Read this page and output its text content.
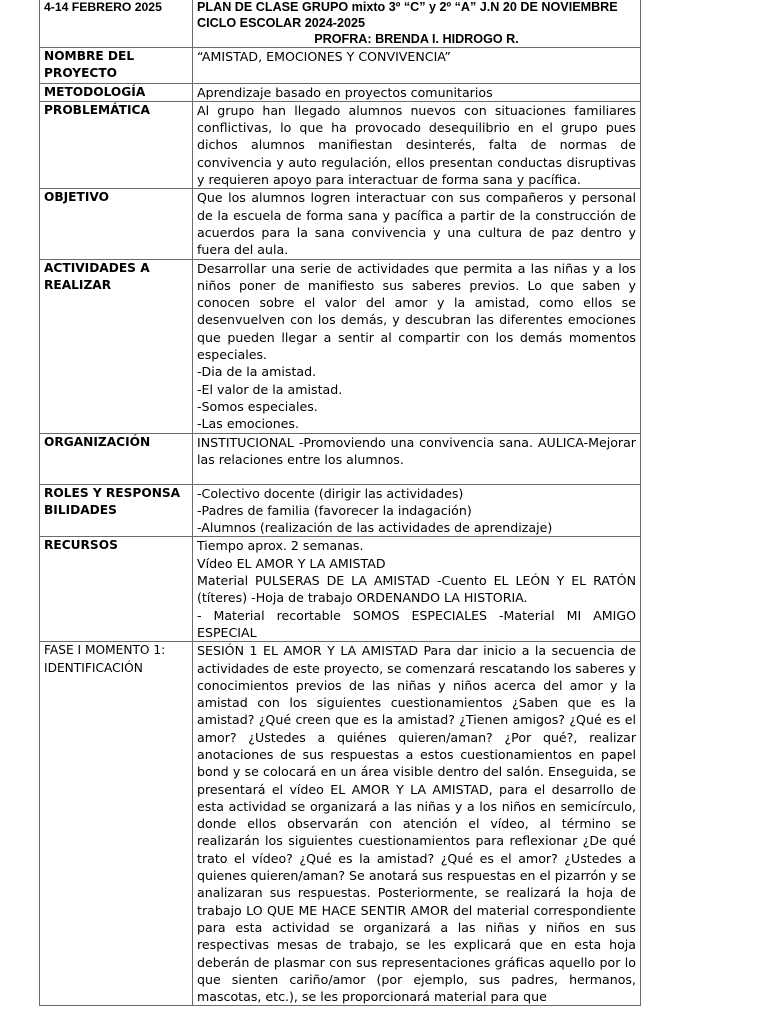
4-14 FEBRERO 2025	PLAN DE CLASE GRUPO mixto 3º “C” y 2º “A” J.N 20 DE NOVIEMBRE
CICLO ESCOLAR 2024-2025
PROFRA: BRENDA I. HIDROGO R.

NOMBRE DEL PROYECTO	“AMISTAD, EMOCIONES Y CONVIVENCIA”
METODOLOGÍA	Aprendizaje basado en proyectos comunitarios
PROBLEMÁTICA	Al grupo han llegado alumnos nuevos con situaciones familiares conflictivas, lo que ha provocado desequilibrio en el grupo pues dichos alumnos manifiestan desinterés, falta de normas de convivencia y auto regulación, ellos presentan conductas disruptivas y requieren apoyo para interactuar de forma sana y pacífica.
OBJETIVO	Que los alumnos logren interactuar con sus compañeros y personal de la escuela de forma sana y pacífica a partir de la construcción de acuerdos para la sana convivencia y una cultura de paz dentro y fuera del aula.
ACTIVIDADES A REALIZAR	Desarrollar una serie de actividades que permita a las niñas y a los niños poner de manifiesto sus saberes previos. Lo que saben y conocen sobre el valor del amor y la amistad, como ellos se desenvuelven con los demás, y descubran las diferentes emociones que pueden llegar a sentir al compartir con los demás momentos especiales.

-Dia de la amistad.
-El valor de la amistad.
-Somos especiales.
-Las emociones.

ORGANIZACIÓN	INSTITUCIONAL -Promoviendo una convivencia sana. AULICA-Mejorar las relaciones entre los alumnos.
ROLES Y RESPONSABILIDADES	-Colectivo docente (dirigir las actividades)
-Padres de familia (favorecer la indagación)
-Alumnos (realización de las actividades de aprendizaje)

RECURSOS	Tiempo aprox. 2 semanas.
Vídeo EL AMOR Y LA AMISTAD

Material PULSERAS DE LA AMISTAD -Cuento EL LEÓN Y EL RATÓN (títeres) -Hoja de trabajo ORDENANDO LA HISTORIA.

- Material recortable SOMOS ESPECIALES -Material MI AMIGO ESPECIAL

FASE I MOMENTO 1: IDENTIFICACIÓN	SESIÓN 1 EL AMOR Y LA AMISTAD Para dar inicio a la secuencia de actividades de este proyecto, se comenzará rescatando los saberes y conocimientos previos de las niñas y niños acerca del amor y la amistad con los siguientes cuestionamientos ¿Saben que es la amistad? ¿Qué creen que es la amistad? ¿Tienen amigos? ¿Qué es el amor? ¿Ustedes a quiénes quieren/aman? ¿Por qué?, realizar anotaciones de sus respuestas a estos cuestionamientos en papel bond y se colocará en un área visible dentro del salón. Enseguida, se presentará el vídeo EL AMOR Y LA AMISTAD, para el desarrollo de esta actividad se organizará a las niñas y a los niños en semicírculo, donde ellos observarán con atención el vídeo, al término se realizarán los siguientes cuestionamientos para reflexionar ¿De qué trato el vídeo? ¿Qué es la amistad? ¿Qué es el amor? ¿Ustedes a quienes quieren/aman? Se anotará sus respuestas en el pizarrón y se analizaran sus respuestas. Posteriormente, se realizará la hoja de trabajo LO QUE ME HACE SENTIR AMOR del material correspondiente para esta actividad se organizará a las niñas y niños en sus respectivas mesas de trabajo, se les explicará que en esta hoja deberán de plasmar con sus representaciones gráficas aquello por lo que sienten cariño/amor (por ejemplo, sus padres, hermanos, mascotas, etc.), se les proporcionará material para que
